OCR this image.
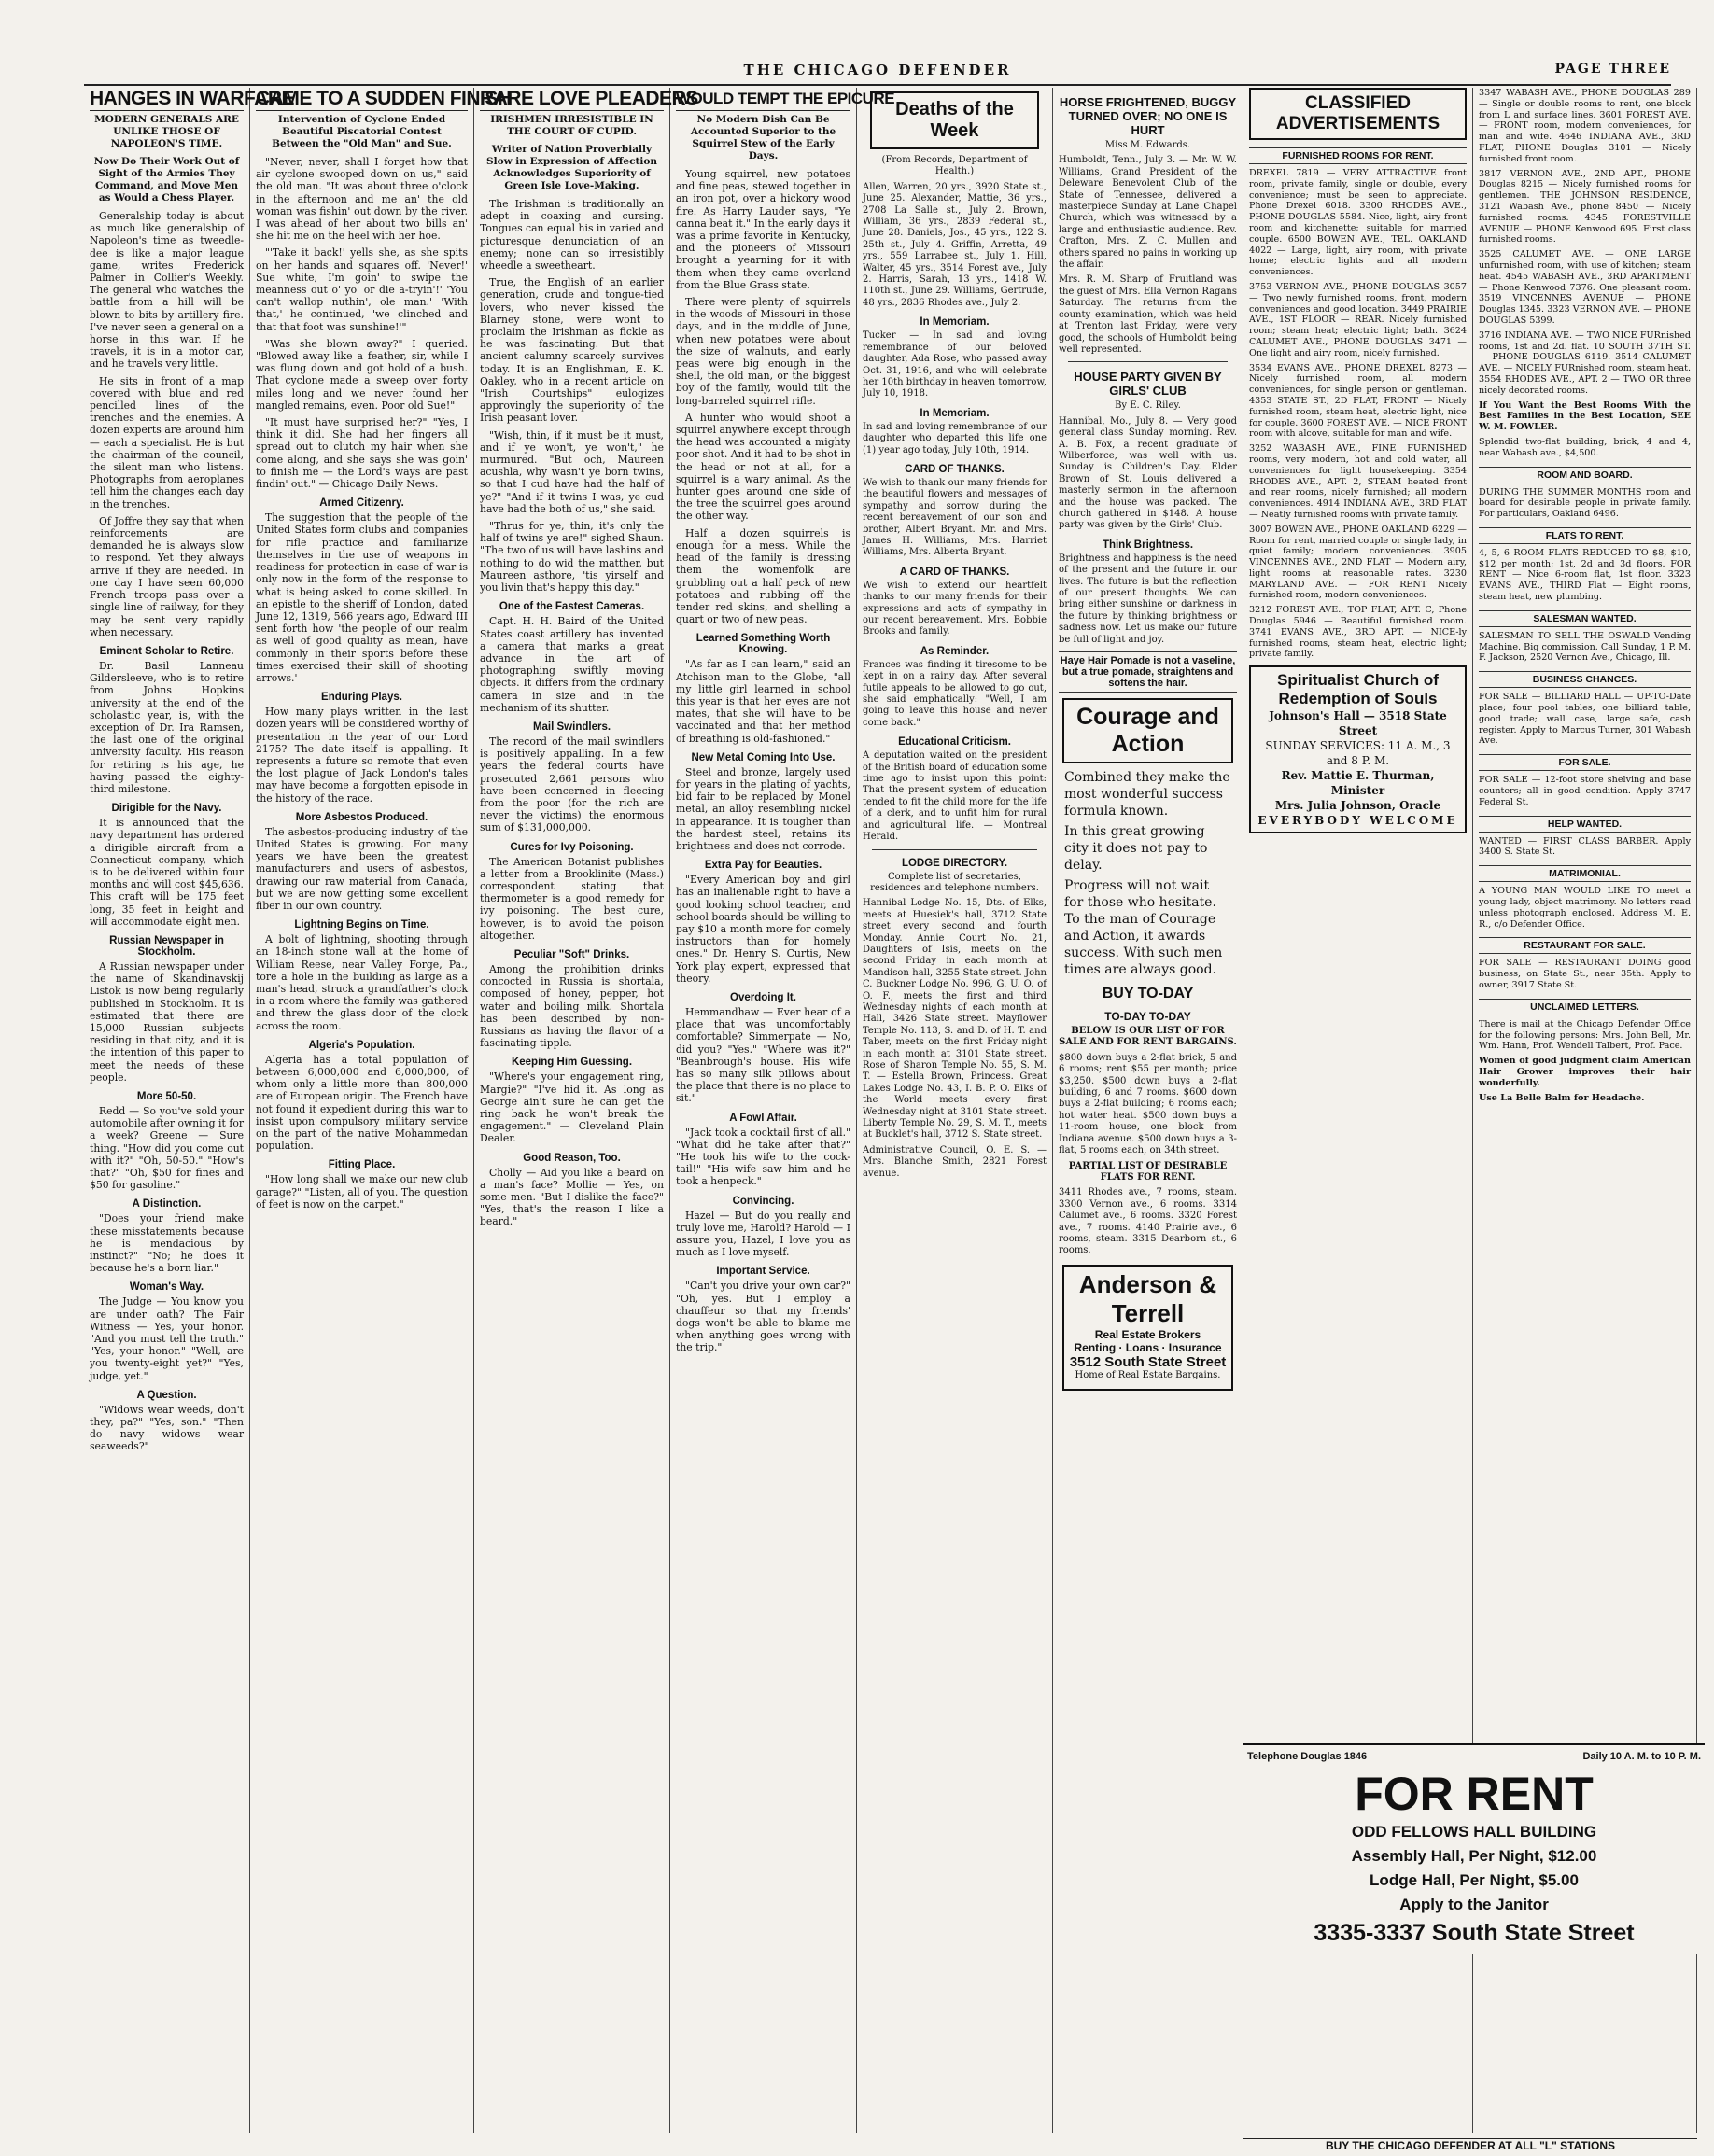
THE CHICAGO DEFENDER	PAGE THREE
HANGES IN WARFARE
MODERN GENERALS ARE UNLIKE THOSE OF NAPOLEON'S TIME.
Now Do Their Work Out of Sight of the Armies They Command, and Move Men as Would a Chess Player.

Generalship today is about as much like generalship of Napoleon's time as tweedle-dee is like a major league game, writes Frederick Palmer in Collier's Weekly. The general who watches the battle from a hill will be blown to bits by artillery fire. I've never seen a general on a horse in this war. If he travels, it is in a motor car, and he travels very little.

He sits in front of a map covered with blue and red pencilled lines of the trenches and the enemies. A dozen experts are around him — each a specialist. He is but the chairman of the council, the silent man who listens. Photographs from aeroplanes tell him the changes each day in the trenches.

Of Joffre they say that when reinforcements are demanded he is always slow to respond. Yet they always arrive if they are needed. In one day I have seen 60,000 French troops pass over a single line of railway, for they may be sent very rapidly when necessary.

Eminent Scholar to Retire.

Dr. Basil Lanneau Gildersleeve, who is to retire from Johns Hopkins university at the end of the scholastic year, is, with the exception of Dr. Ira Ramsen, the last one of the original university faculty. His reason for retiring is his age, he having passed the eighty-third milestone.

Dirigible for the Navy.

It is announced that the navy department has ordered a dirigible aircraft from a Connecticut company, which is to be delivered within four months and will cost $45,636. This craft will be 175 feet long, 35 feet in height and will accommodate eight men.

Russian Newspaper in Stockholm.

A Russian newspaper under the name of Skandinavskij Listok is now being regularly published in Stockholm. It is estimated that there are 15,000 Russian subjects residing in that city, and it is the intention of this paper to meet the needs of these people.

More 50-50.

Redd — So you've sold your automobile after owning it for a week? Greene — Sure thing. "How did you come out with it?" "Oh, 50-50." "How's that?" "Oh, $50 for fines and $50 for gasoline."

A Distinction.

"Does your friend make these misstatements because he is mendacious by instinct?" "No; he does it because he's a born liar."

Woman's Way.

The Judge — You know you are under oath? The Fair Witness — Yes, your honor. "And you must tell the truth." "Yes, your honor." "Well, are you twenty-eight yet?" "Yes, judge, yet."

A Question.

"Widows wear weeds, don't they, pa?" "Yes, son." "Then do navy widows wear seaweeds?"

CAME TO A SUDDEN FINISH
Intervention of Cyclone Ended Beautiful Piscatorial Contest Between the "Old Man" and Sue.

"Never, never, shall I forget how that air cyclone swooped down on us," said the old man. "It was about three o'clock in the afternoon and me an' the old woman was fishin' out down by the river. I was ahead of her about two bills an' she hit me on the heel with her hoe.

"'Take it back!' yells she, as she spits on her hands and squares off. 'Never!' Sue white, I'm goin' to swipe the meanness out o' yo' or die a-tryin'!' 'You can't wallop nuthin', ole man.' 'With that,' he continued, 'we clinched and that that foot was sunshine!'"

"Was she blown away?" I queried. "Blowed away like a feather, sir, while I was flung down and got hold of a bush. That cyclone made a sweep over forty miles long and we never found her mangled remains, even. Poor old Sue!"

"It must have surprised her?" "Yes, I think it did. She had her fingers all spread out to clutch my hair when she come along, and she says she was goin' to finish me — the Lord's ways are past findin' out." — Chicago Daily News.

Armed Citizenry.

The suggestion that the people of the United States form clubs and companies for rifle practice and familiarize themselves in the use of weapons in readiness for protection in case of war is only now in the form of the response to what is being asked to come skilled. In an epistle to the sheriff of London, dated June 12, 1319, 566 years ago, Edward III sent forth how 'the people of our realm as well of good quality as mean, have commonly in their sports before these times exercised their skill of shooting arrows.'

Enduring Plays.

How many plays written in the last dozen years will be considered worthy of presentation in the year of our Lord 2175? The date itself is appalling. It represents a future so remote that even the lost plague of Jack London's tales may have become a forgotten episode in the history of the race.

More Asbestos Produced.

The asbestos-producing industry of the United States is growing. For many years we have been the greatest manufacturers and users of asbestos, drawing our raw material from Canada, but we are now getting some excellent fiber in our own country.

Lightning Begins on Time.

A bolt of lightning, shooting through an 18-inch stone wall at the home of William Reese, near Valley Forge, Pa., tore a hole in the building as large as a man's head, struck a grandfather's clock in a room where the family was gathered and threw the glass door of the clock across the room.

Algeria's Population.

Algeria has a total population of between 6,000,000 and 6,000,000, of whom only a little more than 800,000 are of European origin. The French have not found it expedient during this war to insist upon compulsory military service on the part of the native Mohammedan population.

Fitting Place.

"How long shall we make our new club garage?" "Listen, all of you. The question of feet is now on the carpet."

RARE LOVE PLEADERS
IRISHMEN IRRESISTIBLE IN THE COURT OF CUPID.
Writer of Nation Proverbially Slow in Expression of Affection Acknowledges Superiority of Green Isle Love-Making.

The Irishman is traditionally an adept in coaxing and cursing. Tongues can equal his in varied and picturesque denunciation of an enemy; none can so irresistibly wheedle a sweetheart.

True, the English of an earlier generation, crude and tongue-tied lovers, who never kissed the Blarney stone, were wont to proclaim the Irishman as fickle as he was fascinating. But that ancient calumny scarcely survives today. It is an Englishman, E. K. Oakley, who in a recent article on "Irish Courtships" eulogizes approvingly the superiority of the Irish peasant lover.

"Wish, thin, if it must be it must, and if ye won't, ye won't," he murmured. "But och, Maureen acushla, why wasn't ye born twins, so that I cud have had the half of ye?" "And if it twins I was, ye cud have had the both of us," she said.

"Thrus for ye, thin, it's only the half of twins ye are!" sighed Shaun. "The two of us will have lashins and nothing to do wid the matther, but Maureen asthore, 'tis yirself and you livin that's happy this day."

One of the Fastest Cameras.

Capt. H. H. Baird of the United States coast artillery has invented a camera that marks a great advance in the art of photographing swiftly moving objects. It differs from the ordinary camera in size and in the mechanism of its shutter.

Mail Swindlers.

The record of the mail swindlers is positively appalling. In a few years the federal courts have prosecuted 2,661 persons who have been concerned in fleecing from the poor (for the rich are never the victims) the enormous sum of $131,000,000.

Cures for Ivy Poisoning.

The American Botanist publishes a letter from a Brooklinite (Mass.) correspondent stating that thermometer is a good remedy for ivy poisoning. The best cure, however, is to avoid the poison altogether.

Peculiar "Soft" Drinks.

Among the prohibition drinks concocted in Russia is shortala, composed of honey, pepper, hot water and boiling milk. Shortala has been described by non-Russians as having the flavor of a fascinating tipple.

Keeping Him Guessing.

"Where's your engagement ring, Margie?" "I've hid it. As long as George ain't sure he can get the ring back he won't break the engagement." — Cleveland Plain Dealer.

Good Reason, Too.

Cholly — Aid you like a beard on a man's face? Mollie — Yes, on some men. "But I dislike the face?" "Yes, that's the reason I like a beard."

WOULD TEMPT THE EPICURE
No Modern Dish Can Be Accounted Superior to the Squirrel Stew of the Early Days.

Young squirrel, new potatoes and fine peas, stewed together in an iron pot, over a hickory wood fire. As Harry Lauder says, "Ye canna beat it." In the early days it was a prime favorite in Kentucky, and the pioneers of Missouri brought a yearning for it with them when they came overland from the Blue Grass state.

There were plenty of squirrels in the woods of Missouri in those days, and in the middle of June, when new potatoes were about the size of walnuts, and early peas were big enough in the shell, the old man, or the biggest boy of the family, would tilt the long-barreled squirrel rifle.

A hunter who would shoot a squirrel anywhere except through the head was accounted a mighty poor shot. And it had to be shot in the head or not at all, for a squirrel is a wary animal. As the hunter goes around one side of the tree the squirrel goes around the other way.

Half a dozen squirrels is enough for a mess. While the head of the family is dressing them the womenfolk are grubbling out a half peck of new potatoes and rubbing off the tender red skins, and shelling a quart or two of new peas.

Learned Something Worth Knowing.

"As far as I can learn," said an Atchison man to the Globe, "all my little girl learned in school this year is that her eyes are not mates, that she will have to be vaccinated and that her method of breathing is old-fashioned."

New Metal Coming Into Use.

Steel and bronze, largely used for years in the plating of yachts, bid fair to be replaced by Monel metal, an alloy resembling nickel in appearance. It is tougher than the hardest steel, retains its brightness and does not corrode.

Extra Pay for Beauties.

"Every American boy and girl has an inalienable right to have a good looking school teacher, and school boards should be willing to pay $10 a month more for comely instructors than for homely ones." Dr. Henry S. Curtis, New York play expert, expressed that theory.

Overdoing It.

Hemmandhaw — Ever hear of a place that was uncomfortably comfortable? Simmerpate — No, did you? "Yes." "Where was it?" "Beanbrough's house. His wife has so many silk pillows about the place that there is no place to sit."

A Fowl Affair.

"Jack took a cocktail first of all." "What did he take after that?" "He took his wife to the cock-tail!" "His wife saw him and he took a henpeck."

Convincing.

Hazel — But do you really and truly love me, Harold? Harold — I assure you, Hazel, I love you as much as I love myself.

Important Service.

"Can't you drive your own car?" "Oh, yes. But I employ a chauffeur so that my friends' dogs won't be able to blame me when anything goes wrong with the trip."

Deaths of the Week
(From Records, Department of Health.)

Allen, Warren, 20 yrs., 3920 State st., June 25. Alexander, Mattie, 36 yrs., 2708 La Salle st., July 2. Brown, William, 36 yrs., 2839 Federal st., June 28. Daniels, Jos., 45 yrs., 122 S. 25th st., July 4. Griffin, Arretta, 49 yrs., 559 Larrabee st., July 1. Hill, Walter, 45 yrs., 3514 Forest ave., July 2. Harris, Sarah, 13 yrs., 1418 W. 110th st., June 29. Williams, Gertrude, 48 yrs., 2836 Rhodes ave., July 2.

In Memoriam.

Tucker — In sad and loving remembrance of our beloved daughter, Ada Rose, who passed away Oct. 31, 1916, and who will celebrate her 10th birthday in heaven tomorrow, July 10, 1918.

In Memoriam.

In sad and loving remembrance of our daughter who departed this life one (1) year ago today, July 10th, 1914.

CARD OF THANKS.

We wish to thank our many friends for the beautiful flowers and messages of sympathy and sorrow during the recent bereavement of our son and brother, Albert Bryant. Mr. and Mrs. James H. Williams, Mrs. Harriet Williams, Mrs. Alberta Bryant.

A CARD OF THANKS.

We wish to extend our heartfelt thanks to our many friends for their expressions and acts of sympathy in our recent bereavement. Mrs. Bobbie Brooks and family.

As Reminder.

Frances was finding it tiresome to be kept in on a rainy day. After several futile appeals to be allowed to go out, she said emphatically: "Well, I am going to leave this house and never come back."

Educational Criticism.

A deputation waited on the president of the British board of education some time ago to insist upon this point: That the present system of education tended to fit the child more for the life of a clerk, and to unfit him for rural and agricultural life. — Montreal Herald.

LODGE DIRECTORY.
Complete list of secretaries, residences and telephone numbers.

Hannibal Lodge No. 15, Dts. of Elks, meets at Huesiek's hall, 3712 State street every second and fourth Monday. Annie Court No. 21, Daughters of Isis, meets on the second Friday in each month at Mandison hall, 3255 State street. John C. Buckner Lodge No. 996, G. U. O. of O. F., meets the first and third Wednesday nights of each month at Hall, 3426 State street. Mayflower Temple No. 113, S. and D. of H. T. and Taber, meets on the first Friday night in each month at 3101 State street. Rose of Sharon Temple No. 55, S. M. T. — Estella Brown, Princess. Great Lakes Lodge No. 43, I. B. P. O. Elks of the World meets every first Wednesday night at 3101 State street. Liberty Temple No. 29, S. M. T., meets at Bucklet's hall, 3712 S. State street.

Administrative Council, O. E. S. — Mrs. Blanche Smith, 2821 Forest avenue.

HORSE FRIGHTENED, BUGGY TURNED OVER; NO ONE IS HURT
Miss M. Edwards.

Humboldt, Tenn., July 3. — Mr. W. W. Williams, Grand President of the Deleware Benevolent Club of the State of Tennessee, delivered a masterpiece Sunday at Lane Chapel Church, which was witnessed by a large and enthusiastic audience. Rev. Crafton, Mrs. Z. C. Mullen and others spared no pains in working up the affair.

Mrs. R. M. Sharp of Fruitland was the guest of Mrs. Ella Vernon Ragans Saturday. The returns from the county examination, which was held at Trenton last Friday, were very good, the schools of Humboldt being well represented.

HOUSE PARTY GIVEN BY GIRLS' CLUB
By E. C. Riley.

Hannibal, Mo., July 8. — Very good general class Sunday morning. Rev. A. B. Fox, a recent graduate of Wilberforce, was well with us. Sunday is Children's Day. Elder Brown of St. Louis delivered a masterly sermon in the afternoon and the house was packed. The church gathered in $148. A house party was given by the Girls' Club.

Think Brightness.

Brightness and happiness is the need of the present and the future in our lives. The future is but the reflection of our present thoughts. We can bring either sunshine or darkness in the future by thinking brightness or sadness now. Let us make our future be full of light and joy.

Haye Hair Pomade is not a vaseline, but a true pomade, straightens and softens the hair.
Courage and Action

Combined they make the most wonderful success formula known.

In this great growing city it does not pay to delay.

Progress will not wait for those who hesitate. To the man of Courage and Action, it awards success. With such men times are always good.

BUY TO-DAY
TO-DAY TO-DAY
BELOW IS OUR LIST OF FOR SALE AND FOR RENT BARGAINS.

$800 down buys a 2-flat brick, 5 and 6 rooms; rent $55 per month; price $3,250. $500 down buys a 2-flat building, 6 and 7 rooms. $600 down buys a 2-flat building; 6 rooms each; hot water heat. $500 down buys a 11-room house, one block from Indiana avenue. $500 down buys a 3-flat, 5 rooms each, on 34th street.

PARTIAL LIST OF DESIRABLE FLATS FOR RENT.

3411 Rhodes ave., 7 rooms, steam. 3300 Vernon ave., 6 rooms. 3314 Calumet ave., 6 rooms. 3320 Forest ave., 7 rooms. 4140 Prairie ave., 6 rooms, steam. 3315 Dearborn st., 6 rooms.

Anderson & Terrell
Real Estate Brokers
Renting · Loans · Insurance
3512 South State Street
Home of Real Estate Bargains.
CLASSIFIED ADVERTISEMENTS
FURNISHED ROOMS FOR RENT.

DREXEL 7819 — VERY ATTRACTIVE front room, private family, single or double, every convenience; must be seen to appreciate. Phone Drexel 6018. 3300 RHODES AVE., PHONE DOUGLAS 5584. Nice, light, airy front room and kitchenette; suitable for married couple. 6500 BOWEN AVE., TEL. OAKLAND 4022 — Large, light, airy room, with private home; electric lights and all modern conveniences.

3753 VERNON AVE., PHONE DOUGLAS 3057 — Two newly furnished rooms, front, modern conveniences and good location. 3449 PRAIRIE AVE., 1ST FLOOR — REAR. Nicely furnished room; steam heat; electric light; bath. 3624 CALUMET AVE., PHONE DOUGLAS 3471 — One light and airy room, nicely furnished.

3534 EVANS AVE., PHONE DREXEL 8273 — Nicely furnished room, all modern conveniences, for single person or gentleman. 4353 STATE ST., 2D FLAT, FRONT — Nicely furnished room, steam heat, electric light, nice for couple. 3600 FOREST AVE. — NICE FRONT room with alcove, suitable for man and wife.

3252 WABASH AVE., FINE FURNISHED rooms, very modern, hot and cold water, all conveniences for light housekeeping. 3354 RHODES AVE., APT. 2, STEAM heated front and rear rooms, nicely furnished; all modern conveniences. 4914 INDIANA AVE., 3RD FLAT — Neatly furnished rooms with private family.

3007 BOWEN AVE., PHONE OAKLAND 6229 — Room for rent, married couple or single lady, in quiet family; modern conveniences. 3905 VINCENNES AVE., 2ND FLAT — Modern airy, light rooms at reasonable rates. 3230 MARYLAND AVE. — FOR RENT Nicely furnished room, modern conveniences.

3212 FOREST AVE., TOP FLAT, APT. C, Phone Douglas 5946 — Beautiful furnished room. 3741 EVANS AVE., 3RD APT. — NICE-ly furnished rooms, steam heat, electric light; private family.

Spiritualist Church of Redemption of Souls
Johnson's Hall — 3518 State Street
SUNDAY SERVICES: 11 A. M., 3 and 8 P. M.
Rev. Mattie E. Thurman, Minister
Mrs. Julia Johnson, Oracle
EVERYBODY WELCOME

3347 WABASH AVE., PHONE DOUGLAS 289 — Single or double rooms to rent, one block from L and surface lines. 3601 FOREST AVE. — FRONT room, modern conveniences, for man and wife. 4646 INDIANA AVE., 3RD FLAT, PHONE Douglas 3101 — Nicely furnished front room.

3817 VERNON AVE., 2ND APT., PHONE Douglas 8215 — Nicely furnished rooms for gentlemen. THE JOHNSON RESIDENCE, 3121 Wabash Ave., phone 8450 — Nicely furnished rooms. 4345 FORESTVILLE AVENUE — PHONE Kenwood 695. First class furnished rooms.

3525 CALUMET AVE. — ONE LARGE unfurnished room, with use of kitchen; steam heat. 4545 WABASH AVE., 3RD APARTMENT — Phone Kenwood 7376. One pleasant room. 3519 VINCENNES AVENUE — PHONE Douglas 1345. 3323 VERNON AVE. — PHONE DOUGLAS 5399.

3716 INDIANA AVE. — TWO NICE FURnished rooms, 1st and 2d. flat. 10 SOUTH 37TH ST. — PHONE DOUGLAS 6119. 3514 CALUMET AVE. — NICELY FURnished room, steam heat. 3554 RHODES AVE., APT. 2 — TWO OR three nicely decorated rooms.

If You Want the Best Rooms With the Best Families in the Best Location, SEE W. M. FOWLER.

Splendid two-flat building, brick, 4 and 4, near Wabash ave., $4,500.

ROOM AND BOARD.

DURING THE SUMMER MONTHS room and board for desirable people in private family. For particulars, Oakland 6496.

FLATS TO RENT.

4, 5, 6 ROOM FLATS REDUCED TO $8, $10, $12 per month; 1st, 2d and 3d floors. FOR RENT — Nice 6-room flat, 1st floor. 3323 EVANS AVE., THIRD Flat — Eight rooms, steam heat, new plumbing.

SALESMAN WANTED.

SALESMAN TO SELL THE OSWALD Vending Machine. Big commission. Call Sunday, 1 P. M. F. Jackson, 2520 Vernon Ave., Chicago, Ill.

BUSINESS CHANCES.

FOR SALE — BILLIARD HALL — UP-TO-Date place; four pool tables, one billiard table, good trade; wall case, large safe, cash register. Apply to Marcus Turner, 301 Wabash Ave.

FOR SALE.

FOR SALE — 12-foot store shelving and base counters; all in good condition. Apply 3747 Federal St.

HELP WANTED.

WANTED — FIRST CLASS BARBER. Apply 3400 S. State St.

MATRIMONIAL.

A YOUNG MAN WOULD LIKE TO meet a young lady, object matrimony. No letters read unless photograph enclosed. Address M. E. R., c/o Defender Office.

RESTAURANT FOR SALE.

FOR SALE — RESTAURANT DOING good business, on State St., near 35th. Apply to owner, 3917 State St.

UNCLAIMED LETTERS.

There is mail at the Chicago Defender Office for the following persons: Mrs. John Bell, Mr. Wm. Hann, Prof. Wendell Talbert, Prof. Pace.

Women of good judgment claim American Hair Grower improves their hair wonderfully.

Use La Belle Balm for Headache.

Telephone Douglas 1846	Daily 10 A. M. to 10 P. M.
FOR RENT
ODD FELLOWS HALL BUILDING
Assembly Hall, Per Night, $12.00
Lodge Hall, Per Night, $5.00
Apply to the Janitor
3335-3337 South State Street
BUY THE CHICAGO DEFENDER AT ALL "L" STATIONS
